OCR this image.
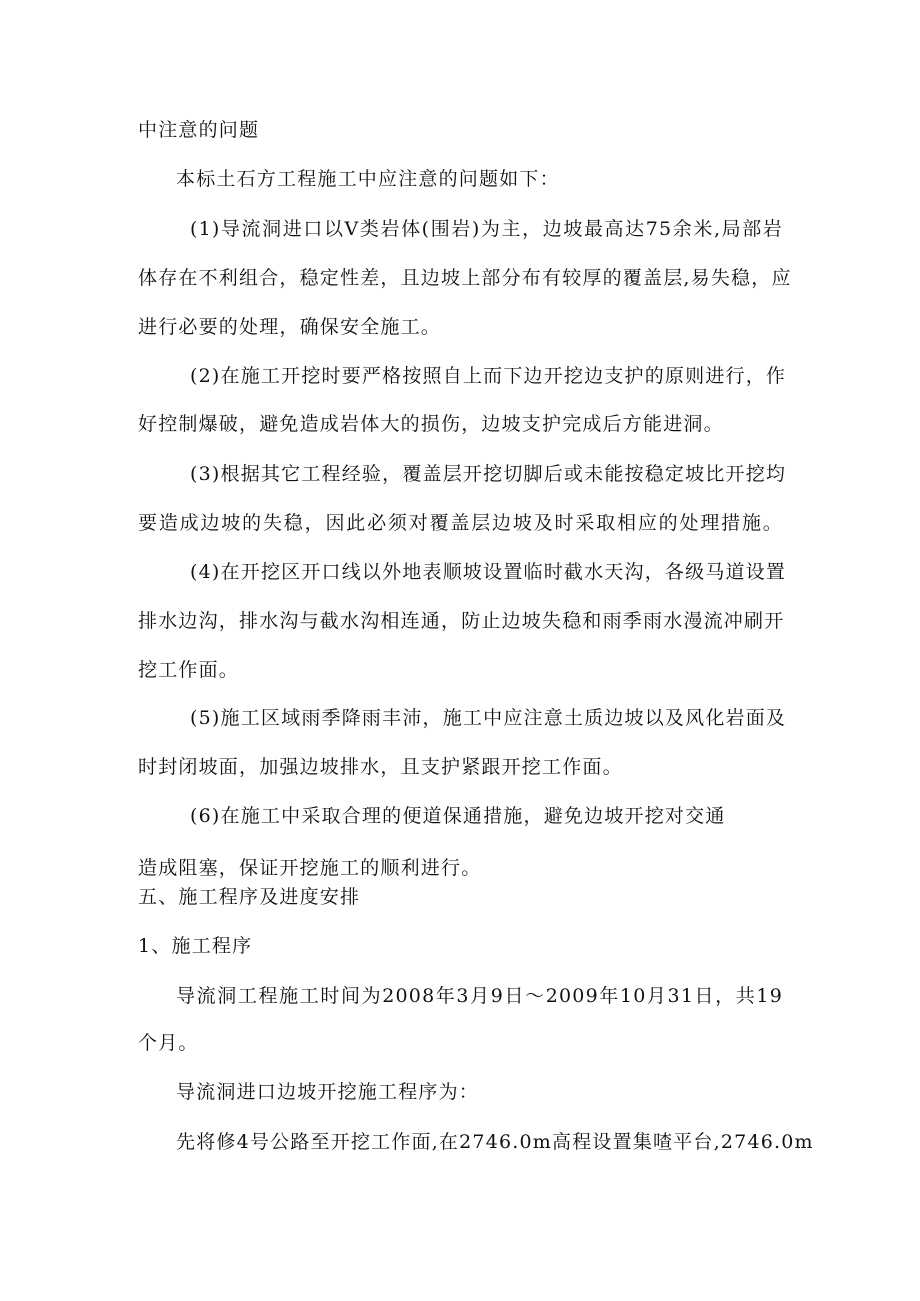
中注意的问题

本标土石方工程施工中应注意的问题如下：

(1)导流洞进口以Ⅴ类岩体(围岩)为主，边坡最高达75余米,局部岩

体存在不利组合，稳定性差，且边坡上部分布有较厚的覆盖层,易失稳，应

进行必要的处理，确保安全施工。

(2)在施工开挖时要严格按照自上而下边开挖边支护的原则进行，作

好控制爆破，避免造成岩体大的损伤，边坡支护完成后方能进洞。

(3)根据其它工程经验，覆盖层开挖切脚后或未能按稳定坡比开挖均

要造成边坡的失稳，因此必须对覆盖层边坡及时采取相应的处理措施。

(4)在开挖区开口线以外地表顺坡设置临时截水天沟，各级马道设置

排水边沟，排水沟与截水沟相连通，防止边坡失稳和雨季雨水漫流冲刷开

挖工作面。

(5)施工区域雨季降雨丰沛，施工中应注意土质边坡以及风化岩面及

时封闭坡面，加强边坡排水，且支护紧跟开挖工作面。

(6)在施工中采取合理的便道保通措施，避免边坡开挖对交通

造成阻塞，保证开挖施工的顺利进行。

五、施工程序及进度安排

1、施工程序

导流洞工程施工时间为2008年3月9日～2009年10月31日，共19

个月。

导流洞进口边坡开挖施工程序为：

先将修4号公路至开挖工作面,在2746.0m高程设置集喳平台,2746.0m
